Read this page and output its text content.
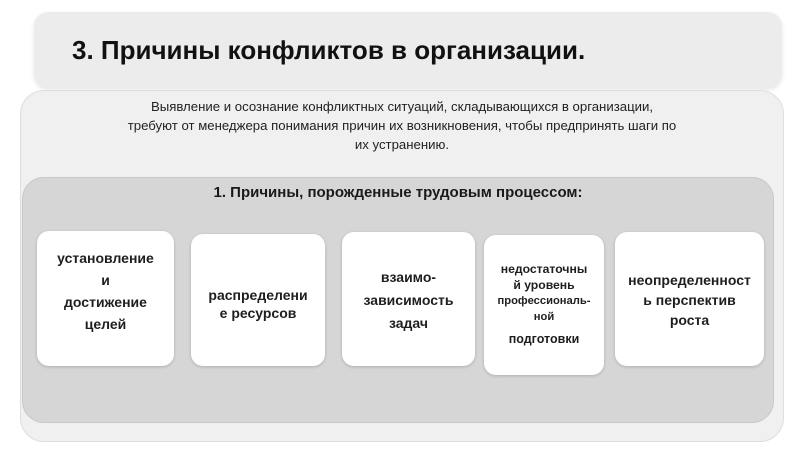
3. Причины конфликтов в организации.
Выявление и осознание конфликтных ситуаций, складывающихся в организации,
требуют от менеджера понимания причин их возникновения, чтобы предпринять шаги по
их устранению.
1. Причины, порожденные трудовым процессом:
установление
и
достижение
целей
распределени
е ресурсов
взаимо-
зависимость
задач
недостаточны
й уровень
профессиональ-
ной
подготовки
неопределенност
ь перспектив
роста
